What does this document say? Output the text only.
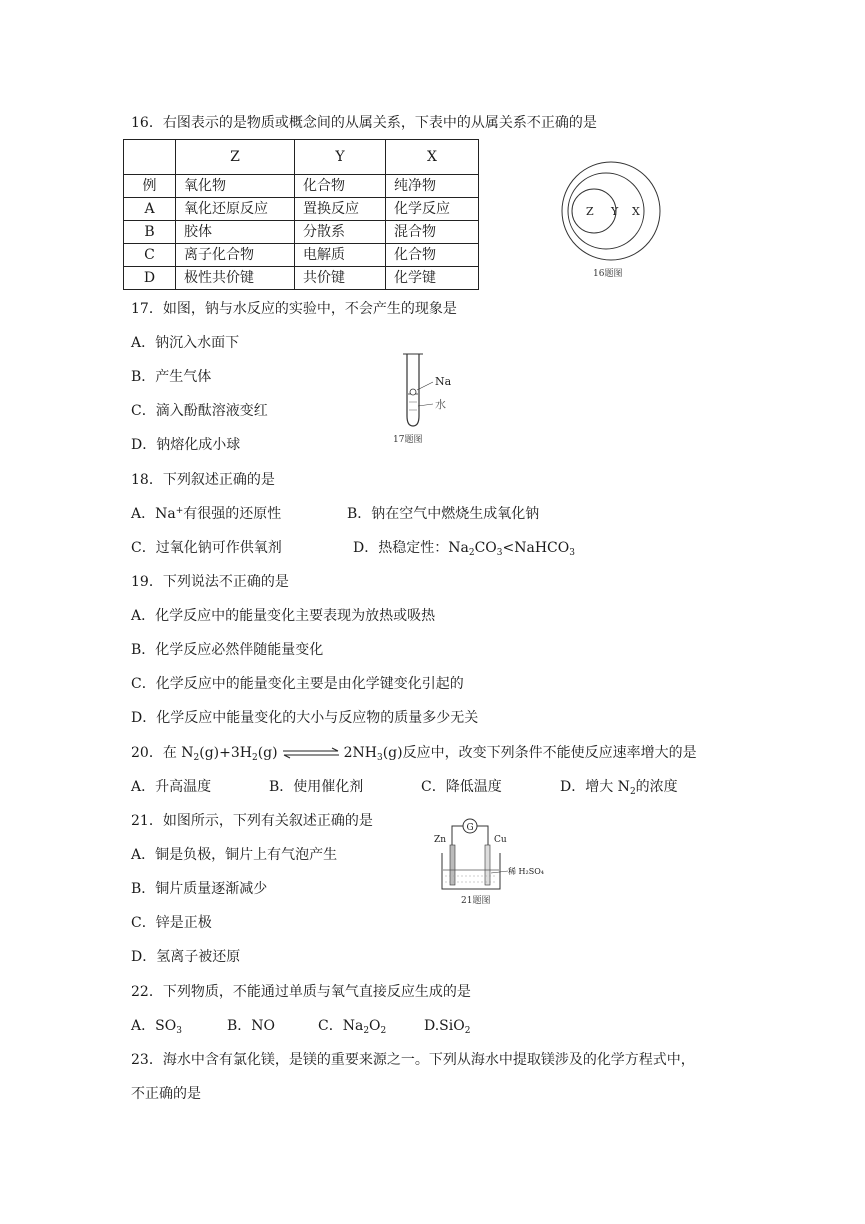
16．右图表示的是物质或概念间的从属关系，下表中的从属关系不正确的是
	Z	Y	X
例	氧化物	化合物	纯净物
A	氧化还原反应	置换反应	化学反应
B	胶体	分散系	混合物
C	离子化合物	电解质	化合物
D	极性共价键	共价键	化学键
Z Y X
16题图
17．如图，钠与水反应的实验中，不会产生的现象是
A．钠沉入水面下
B．产生气体
C．滴入酚酞溶液变红
D．钠熔化成小球
Na
水
17题图
18．下列叙述正确的是
A．Na+有很强的还原性	B．钠在空气中燃烧生成氧化钠
C．过氧化钠可作供氧剂	D．热稳定性：$Na_2CO_3<NaHCO_3$
19．下列说法不正确的是
A．化学反应中的能量变化主要表现为放热或吸热
B．化学反应必然伴随能量变化
C．化学反应中的能量变化主要是由化学键变化引起的
D．化学反应中能量变化的大小与反应物的质量多少无关
20．在 $N_2(g)+3H_2(g)$	$2NH_3(g)$反应中，改变下列条件不能使反应速率增大的是
A．升高温度	B．使用催化剂	C．降低温度	D．增大 $N_2$的浓度
21．如图所示，下列有关叙述正确的是
A．铜是负极，铜片上有气泡产生
B．铜片质量逐渐减少
C．锌是正极
D．氢离子被还原
G
Zn	Cu
稀 H₂SO₄
21题图
22．下列物质，不能通过单质与氧气直接反应生成的是
A．$SO_3$	B．NO	C．$Na_2O_2$	D.SiO$_2$
23．海水中含有氯化镁，是镁的重要来源之一。下列从海水中提取镁涉及的化学方程式中，
不正确的是
